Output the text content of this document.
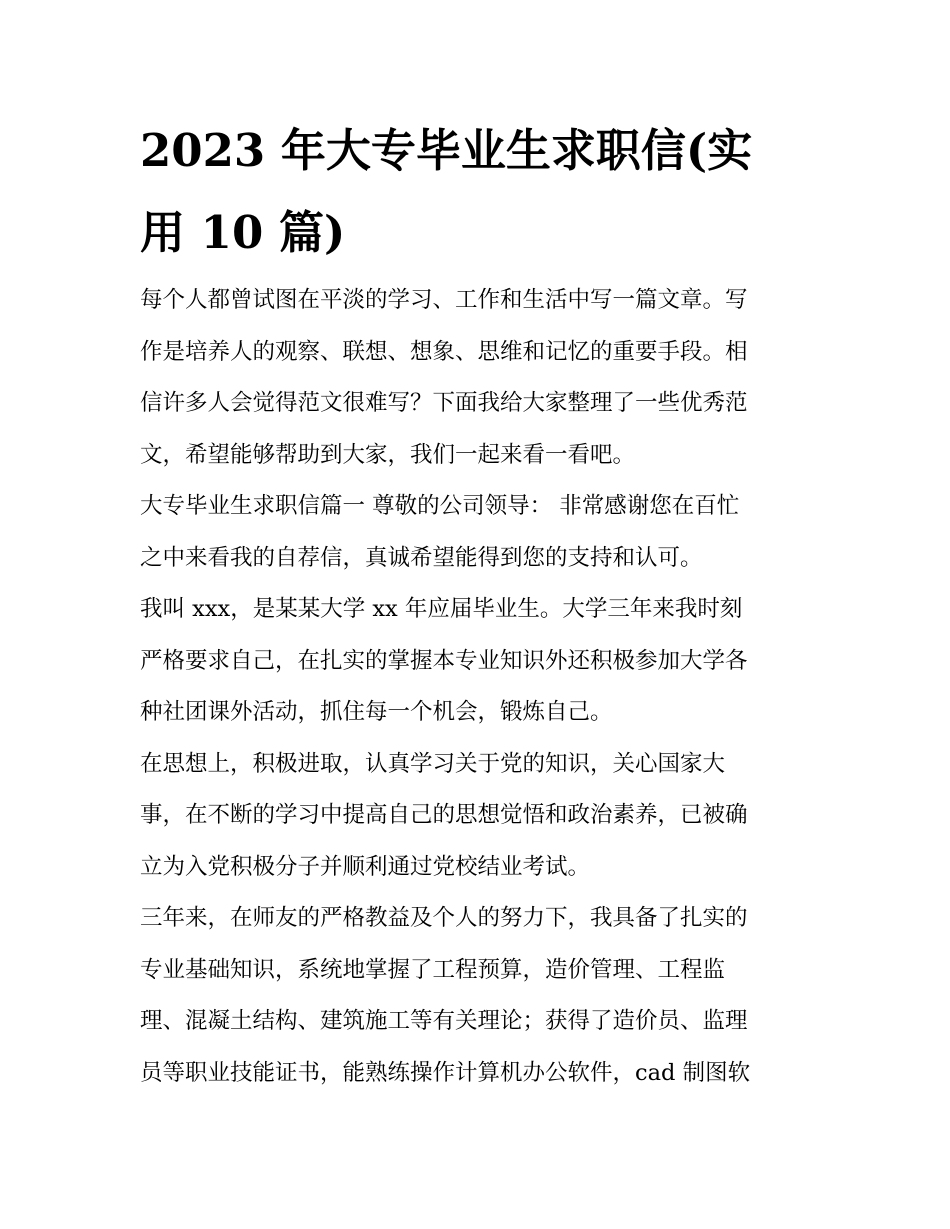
2023 年大专毕业生求职信(实
用 10 篇)

每个人都曾试图在平淡的学习、工作和生活中写一篇文章。写
作是培养人的观察、联想、想象、思维和记忆的重要手段。相
信许多人会觉得范文很难写？下面我给大家整理了一些优秀范
文，希望能够帮助到大家，我们一起来看一看吧。

大专毕业生求职信篇一 尊敬的公司领导： 非常感谢您在百忙
之中来看我的自荐信，真诚希望能得到您的支持和认可。

我叫 xxx，是某某大学 xx 年应届毕业生。大学三年来我时刻
严格要求自己，在扎实的掌握本专业知识外还积极参加大学各
种社团课外活动，抓住每一个机会，锻炼自己。

在思想上，积极进取，认真学习关于党的知识，关心国家大
事，在不断的学习中提高自己的思想觉悟和政治素养，已被确
立为入党积极分子并顺利通过党校结业考试。

三年来，在师友的严格教益及个人的努力下，我具备了扎实的
专业基础知识，系统地掌握了工程预算，造价管理、工程监
理、混凝土结构、建筑施工等有关理论；获得了造价员、监理
员等职业技能证书，能熟练操作计算机办公软件，cad 制图软
